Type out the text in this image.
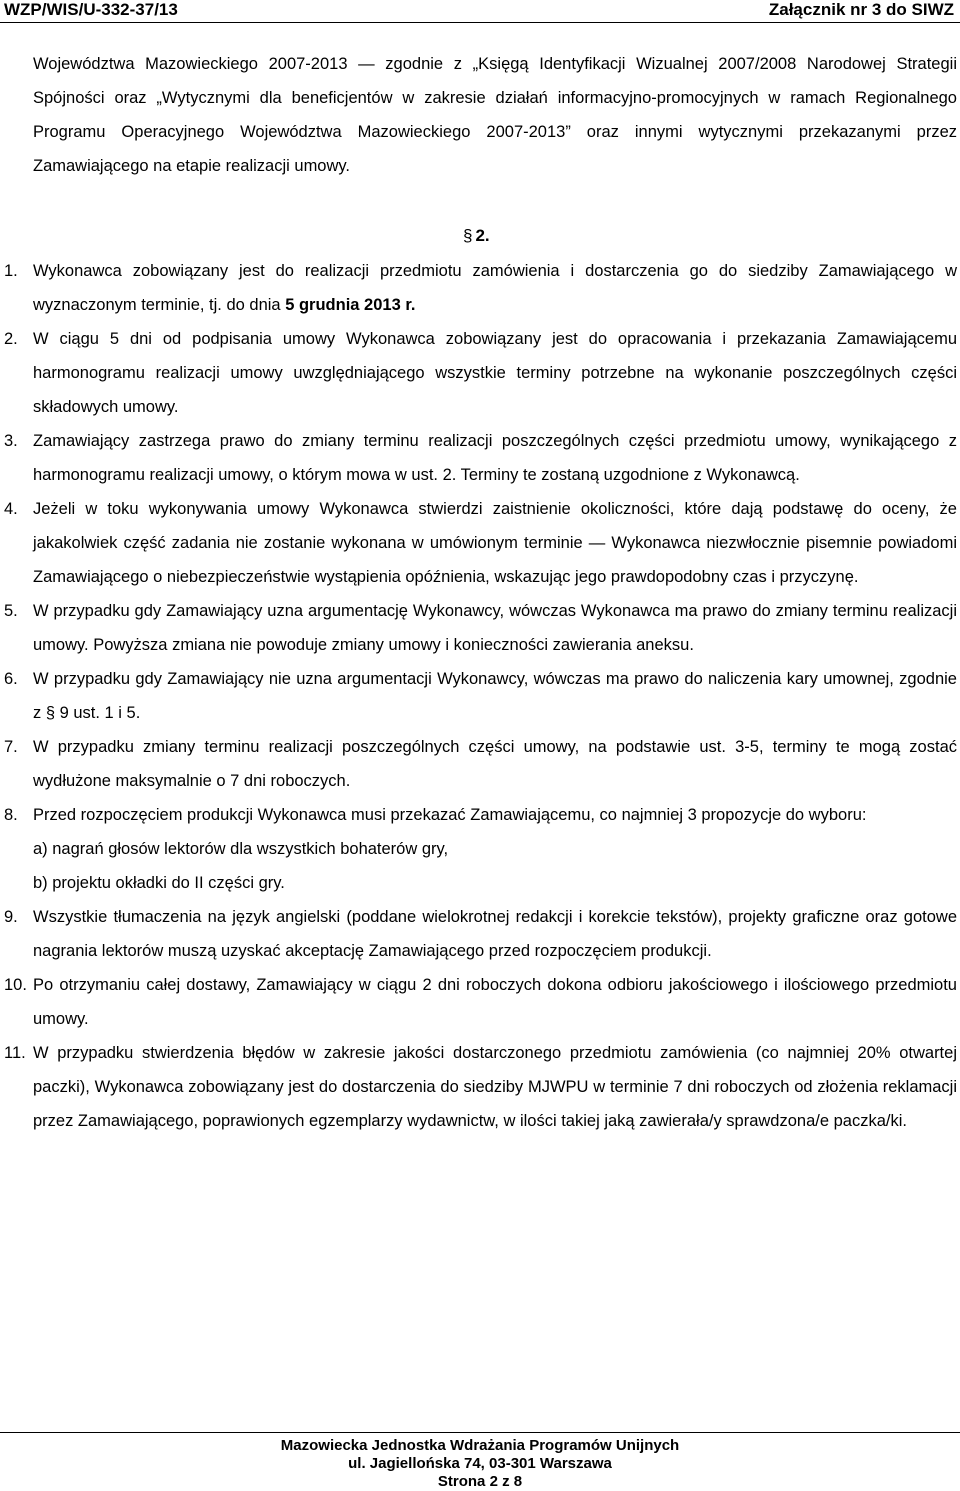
WZP/WIS/U-332-37/13	Załącznik nr 3 do SIWZ
Województwa Mazowieckiego 2007-2013 — zgodnie z „Księgą Identyfikacji Wizualnej 2007/2008 Narodowej Strategii Spójności oraz „Wytycznymi dla beneficjentów w zakresie działań informacyjno-promocyjnych w ramach Regionalnego Programu Operacyjnego Województwa Mazowieckiego 2007-2013” oraz innymi wytycznymi przekazanymi przez Zamawiającego na etapie realizacji umowy.
§ 2.
1. Wykonawca zobowiązany jest do realizacji przedmiotu zamówienia i dostarczenia go do siedziby Zamawiającego w wyznaczonym terminie, tj. do dnia 5 grudnia 2013 r.
2. W ciągu 5 dni od podpisania umowy Wykonawca zobowiązany jest do opracowania i przekazania Zamawiającemu harmonogramu realizacji umowy uwzględniającego wszystkie terminy potrzebne na wykonanie poszczególnych części składowych umowy.
3. Zamawiający zastrzega prawo do zmiany terminu realizacji poszczególnych części przedmiotu umowy, wynikającego z harmonogramu realizacji umowy, o którym mowa w ust. 2. Terminy te zostaną uzgodnione z Wykonawcą.
4. Jeżeli w toku wykonywania umowy Wykonawca stwierdzi zaistnienie okoliczności, które dają podstawę do oceny, że jakakolwiek część zadania nie zostanie wykonana w umówionym terminie — Wykonawca niezwłocznie pisemnie powiadomi Zamawiającego o niebezpieczeństwie wystąpienia opóźnienia, wskazując jego prawdopodobny czas i przyczynę.
5. W przypadku gdy Zamawiający uzna argumentację Wykonawcy, wówczas Wykonawca ma prawo do zmiany terminu realizacji umowy. Powyższa zmiana nie powoduje zmiany umowy i konieczności zawierania aneksu.
6. W przypadku gdy Zamawiający nie uzna argumentacji Wykonawcy, wówczas ma prawo do naliczenia kary umownej, zgodnie z § 9 ust. 1 i 5.
7. W przypadku zmiany terminu realizacji poszczególnych części umowy, na podstawie ust. 3-5, terminy te mogą zostać wydłużone maksymalnie o 7 dni roboczych.
8. Przed rozpoczęciem produkcji Wykonawca musi przekazać Zamawiającemu, co najmniej 3 propozycje do wyboru:
a) nagrań głosów lektorów dla wszystkich bohaterów gry,
b) projektu okładki do II części gry.
9. Wszystkie tłumaczenia na język angielski (poddane wielokrotnej redakcji i korekcie tekstów), projekty graficzne oraz gotowe nagrania lektorów muszą uzyskać akceptację Zamawiającego przed rozpoczęciem produkcji.
10. Po otrzymaniu całej dostawy, Zamawiający w ciągu 2 dni roboczych dokona odbioru jakościowego i ilościowego przedmiotu umowy.
11. W przypadku stwierdzenia błędów w zakresie jakości dostarczonego przedmiotu zamówienia (co najmniej 20% otwartej paczki), Wykonawca zobowiązany jest do dostarczenia do siedziby MJWPU w terminie 7 dni roboczych od złożenia reklamacji przez Zamawiającego, poprawionych egzemplarzy wydawnictw, w ilości takiej jaką zawierała/y sprawdzona/e paczka/ki.
Mazowiecka Jednostka Wdrażania Programów Unijnych
ul. Jagiellońska 74, 03-301 Warszawa
Strona 2 z 8
